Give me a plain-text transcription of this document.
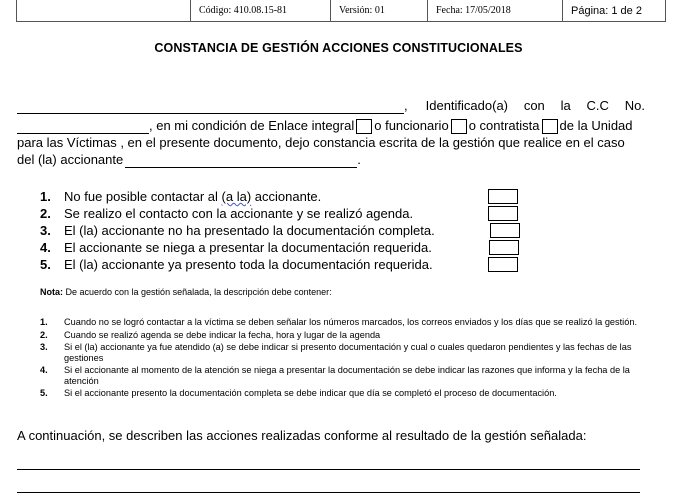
Código: 410.08.15-81	Versión: 01	Fecha: 17/05/2018	Página: 1 de 2
CONSTANCIA DE GESTIÓN ACCIONES CONSTITUCIONALES
, Identificado(a) con la C.C No.
, en mi condición de Enlace integral o funcionario o contratista de la Unidad
para las Víctimas , en el presente documento, dejo constancia escrita de la gestión que realice en el caso
del (la) accionante	.
1.	No fue posible contactar al (a la) accionante.
2.	Se realizo el contacto con la accionante y se realizó agenda.
3.	El (la) accionante no ha presentado la documentación completa.
4.	El accionante se niega a presentar la documentación requerida.
5.	El (la) accionante ya presento toda la documentación requerida.
Nota: De acuerdo con la gestión señalada, la descripción debe contener:
1.	Cuando no se logró contactar a la víctima se deben señalar los números marcados, los correos enviados y los días que se realizó la gestión.
2.	Cuando se realizó agenda se debe indicar la fecha, hora y lugar de la agenda
3.	Si el (la) accionante ya fue atendido (a) se debe indicar si presento documentación y cual o cuales quedaron pendientes y las fechas de las gestiones
4.	Si el accionante al momento de la atención se niega a presentar la documentación se debe indicar las razones que informa y la fecha de la atención
5.	Si el accionante presento la documentación completa se debe indicar que día se completó el proceso de documentación.
A continuación, se describen las acciones realizadas conforme al resultado de la gestión señalada:
